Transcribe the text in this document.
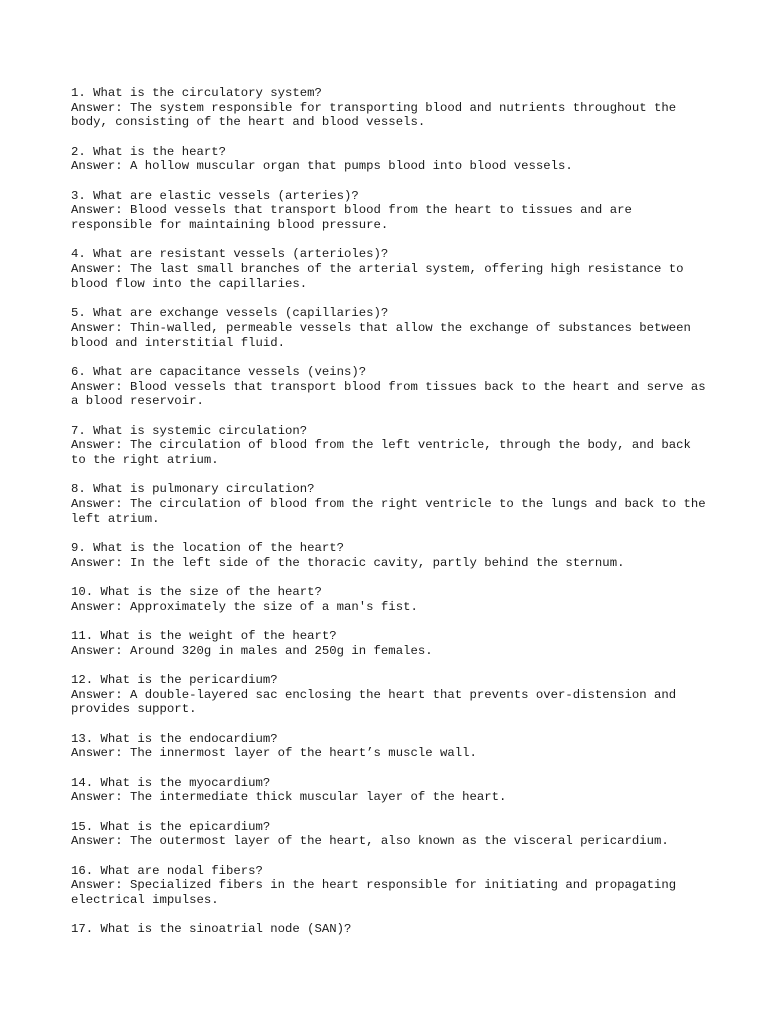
1. What is the circulatory system?
Answer: The system responsible for transporting blood and nutrients throughout the body, consisting of the heart and blood vessels.
2. What is the heart?
Answer: A hollow muscular organ that pumps blood into blood vessels.
3. What are elastic vessels (arteries)?
Answer: Blood vessels that transport blood from the heart to tissues and are responsible for maintaining blood pressure.
4. What are resistant vessels (arterioles)?
Answer: The last small branches of the arterial system, offering high resistance to blood flow into the capillaries.
5. What are exchange vessels (capillaries)?
Answer: Thin-walled, permeable vessels that allow the exchange of substances between blood and interstitial fluid.
6. What are capacitance vessels (veins)?
Answer: Blood vessels that transport blood from tissues back to the heart and serve as a blood reservoir.
7. What is systemic circulation?
Answer: The circulation of blood from the left ventricle, through the body, and back to the right atrium.
8. What is pulmonary circulation?
Answer: The circulation of blood from the right ventricle to the lungs and back to the left atrium.
9. What is the location of the heart?
Answer: In the left side of the thoracic cavity, partly behind the sternum.
10. What is the size of the heart?
Answer: Approximately the size of a man's fist.
11. What is the weight of the heart?
Answer: Around 320g in males and 250g in females.
12. What is the pericardium?
Answer: A double-layered sac enclosing the heart that prevents over-distension and provides support.
13. What is the endocardium?
Answer: The innermost layer of the heart’s muscle wall.
14. What is the myocardium?
Answer: The intermediate thick muscular layer of the heart.
15. What is the epicardium?
Answer: The outermost layer of the heart, also known as the visceral pericardium.
16. What are nodal fibers?
Answer: Specialized fibers in the heart responsible for initiating and propagating electrical impulses.
17. What is the sinoatrial node (SAN)?
